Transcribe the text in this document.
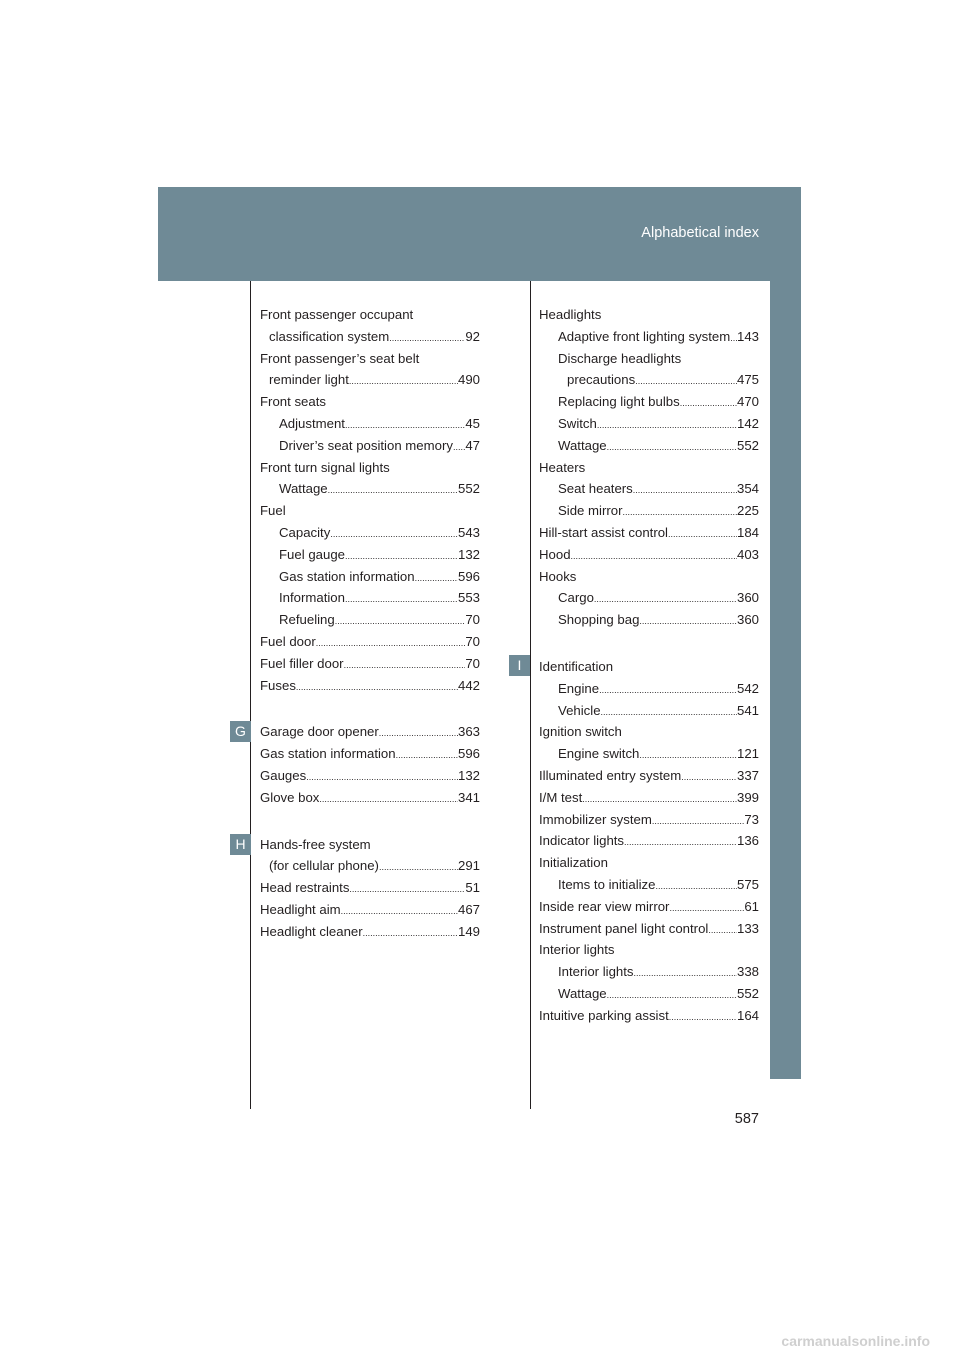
Alphabetical index
G
H
I
Front passenger occupant
classification system .....	92
Front passenger’s seat belt
reminder light .....	490
Front seats
Adjustment .....	45
Driver’s seat position memory ..... 47
Front turn signal lights
Wattage .....	552
Fuel
Capacity .....	543
Fuel gauge .....	132
Gas station information .....	596
Information .....	553
Refueling .....	70
Fuel door .....	70
Fuel filler door .....	70
Fuses .....	442
Garage door opener .....	363
Gas station information .....	596
Gauges .....	132
Glove box .....	341
Hands-free system
(for cellular phone) .....	291
Head restraints .....	51
Headlight aim .....	467
Headlight cleaner .....	149
Headlights
Adaptive front lighting system ..... 143
Discharge headlights
precautions .....	475
Replacing light bulbs .....	470
Switch .....	142
Wattage .....	552
Heaters
Seat heaters .....	354
Side mirror .....	225
Hill-start assist control .....	184
Hood .....	403
Hooks
Cargo .....	360
Shopping bag .....	360
Identification
Engine .....	542
Vehicle .....	541
Ignition switch
Engine switch .....	121
Illuminated entry system .....	337
I/M test .....	399
Immobilizer system .....	73
Indicator lights .....	136
Initialization
Items to initialize .....	575
Inside rear view mirror .....	61
Instrument panel light control ..... 133
Interior lights
Interior lights .....	338
Wattage .....	552
Intuitive parking assist .....	164
587
carmanualsonline.info
